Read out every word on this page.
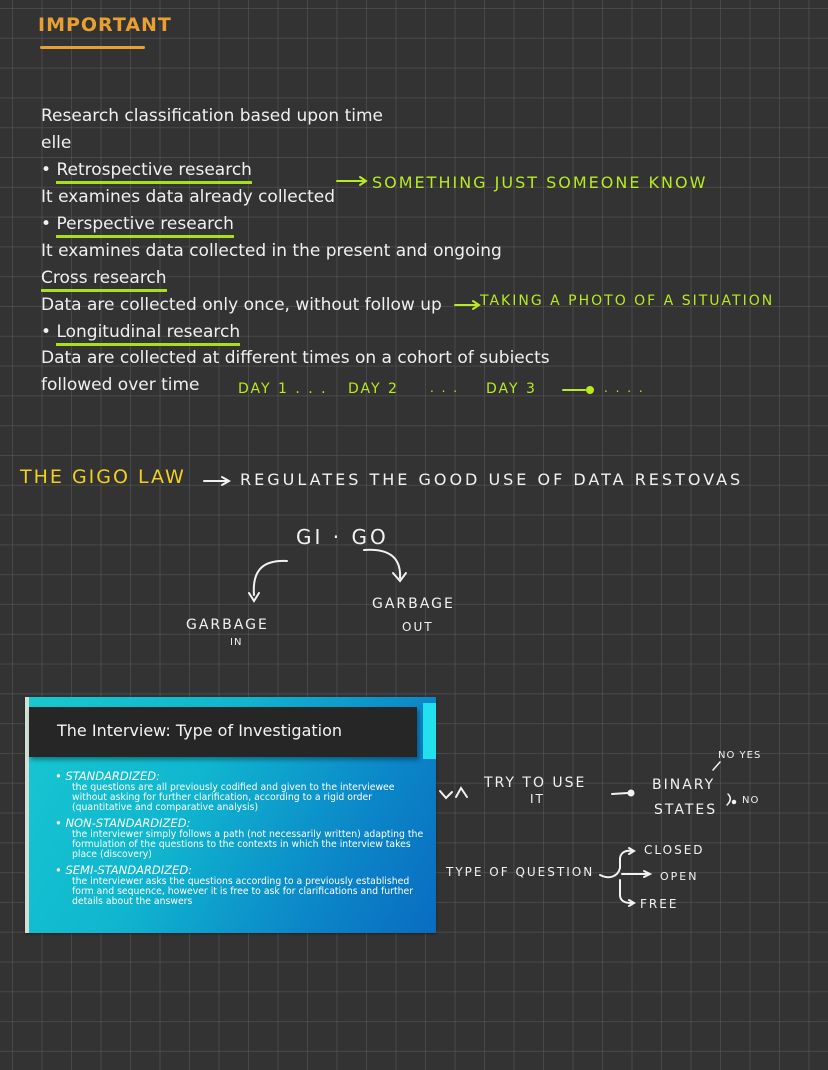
IMPORTANT
Research classification based upon time
elle
• Retrospective research
It examines data already collected
• Perspective research
It examines data collected in the present and ongoing
Cross research
Data are collected only once, without follow up
• Longitudinal research
Data are collected at different times on a cohort of subiects
followed over time
SOMETHING JUST SOMEONE KNOW
TAKING A PHOTO OF A SITUATION
DAY 1 . . . DAY 2	. . . DAY 3	. . . .
THE GIGO LAW	REGULATES THE GOOD USE OF DATA RESTOVAS
GI · GO
GARBAGE
IN
GARBAGE
OUT
The Interview: Type of Investigation
• STANDARDIZED:
the questions are all previously codified and given to the interviewee without asking for further clarification, according to a rigid order (quantitative and comparative analysis)
• NON-STANDARDIZED:
the interviewer simply follows a path (not necessarily written) adapting the formulation of the questions to the contexts in which the interview takes place (discovery)
• SEMI-STANDARDIZED:
the interviewer asks the questions according to a previously established form and sequence, however it is free to ask for clarifications and further details about the answers
TRY TO USE
IT
BINARY
STATES
NO YES
NO
TYPE OF QUESTION
CLOSED
OPEN
FREE
